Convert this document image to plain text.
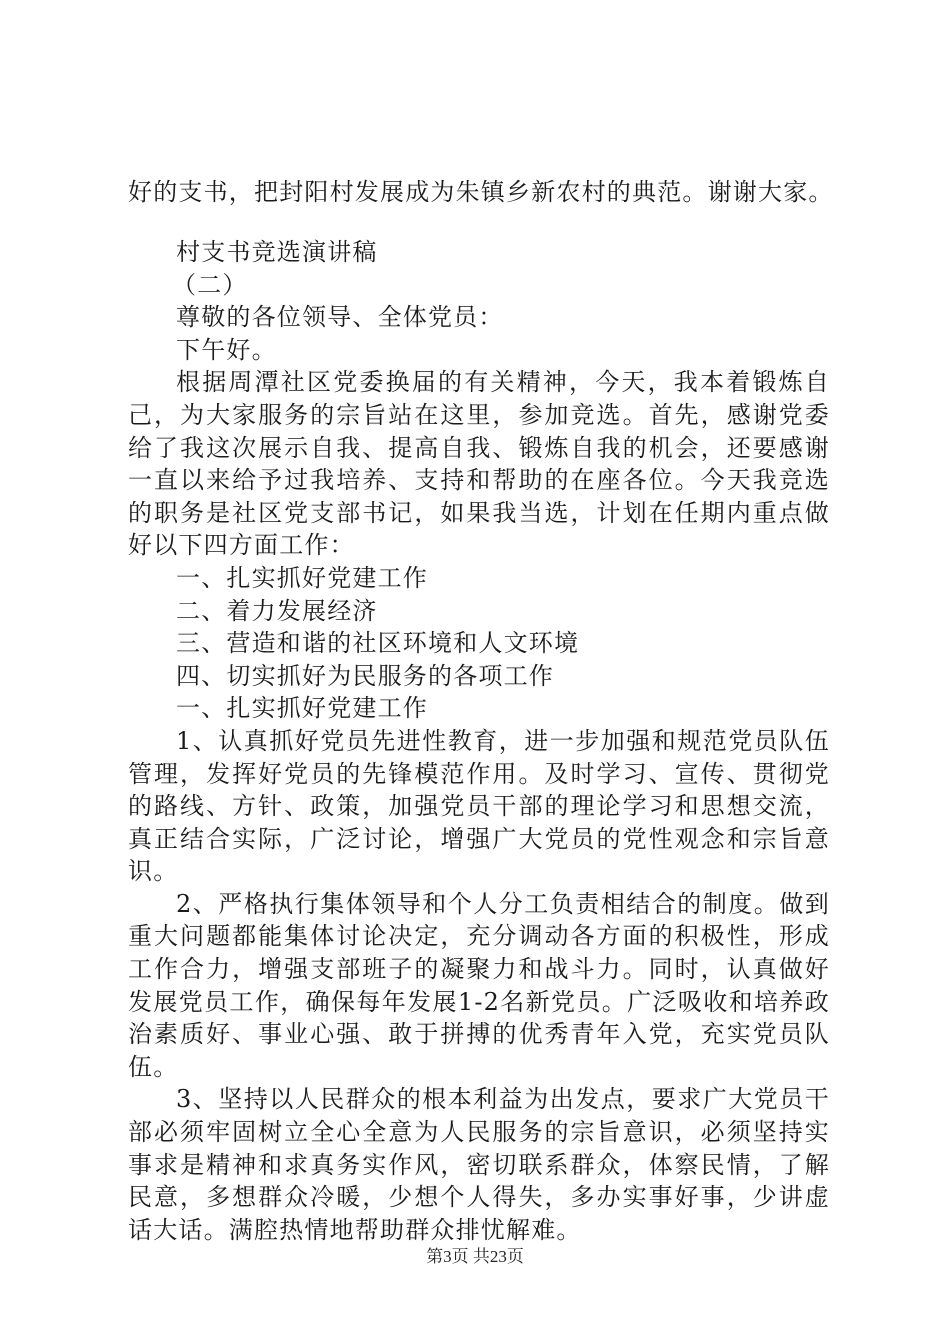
好的支书，把封阳村发展成为朱镇乡新农村的典范。谢谢大家。

村支书竞选演讲稿

（二）

尊敬的各位领导、全体党员：

下午好。

根据周潭社区党委换届的有关精神，今天，我本着锻炼自己，为大家服务的宗旨站在这里，参加竞选。首先，感谢党委给了我这次展示自我、提高自我、锻炼自我的机会，还要感谢一直以来给予过我培养、支持和帮助的在座各位。今天我竞选的职务是社区党支部书记，如果我当选，计划在任期内重点做好以下四方面工作：

一、扎实抓好党建工作

二、着力发展经济

三、营造和谐的社区环境和人文环境

四、切实抓好为民服务的各项工作

一、扎实抓好党建工作

1、认真抓好党员先进性教育，进一步加强和规范党员队伍管理，发挥好党员的先锋模范作用。及时学习、宣传、贯彻党的路线、方针、政策，加强党员干部的理论学习和思想交流，真正结合实际，广泛讨论，增强广大党员的党性观念和宗旨意识。

2、严格执行集体领导和个人分工负责相结合的制度。做到重大问题都能集体讨论决定，充分调动各方面的积极性，形成工作合力，增强支部班子的凝聚力和战斗力。同时，认真做好发展党员工作，确保每年发展1-2名新党员。广泛吸收和培养政治素质好、事业心强、敢于拼搏的优秀青年入党，充实党员队伍。

3、坚持以人民群众的根本利益为出发点，要求广大党员干部必须牢固树立全心全意为人民服务的宗旨意识，必须坚持实事求是精神和求真务实作风，密切联系群众，体察民情，了解民意，多想群众冷暖，少想个人得失，多办实事好事，少讲虚话大话。满腔热情地帮助群众排忧解难。

第3页 共23页
